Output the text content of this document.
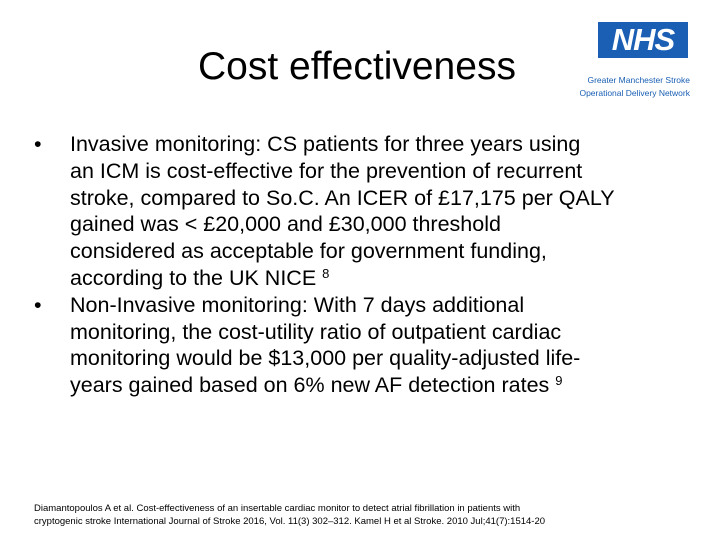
Cost effectiveness
NHS
Greater Manchester Stroke
Operational Delivery Network
• Invasive monitoring: CS patients for three years using
an ICM is cost-effective for the prevention of recurrent
stroke, compared to So.C. An ICER of £17,175 per QALY
gained was < £20,000 and £30,000 threshold
considered as acceptable for government funding,
according to the UK NICE $^8$
• Non-Invasive monitoring: With 7 days additional
monitoring, the cost-utility ratio of outpatient cardiac
monitoring would be $13,000 per quality-adjusted life-
years gained based on 6% new AF detection rates $^9$
Diamantopoulos A et al. Cost-effectiveness of an insertable cardiac monitor to detect atrial fibrillation in patients with
cryptogenic stroke International Journal of Stroke 2016, Vol. 11(3) 302–312. Kamel H et al Stroke. 2010 Jul;41(7):1514-20
